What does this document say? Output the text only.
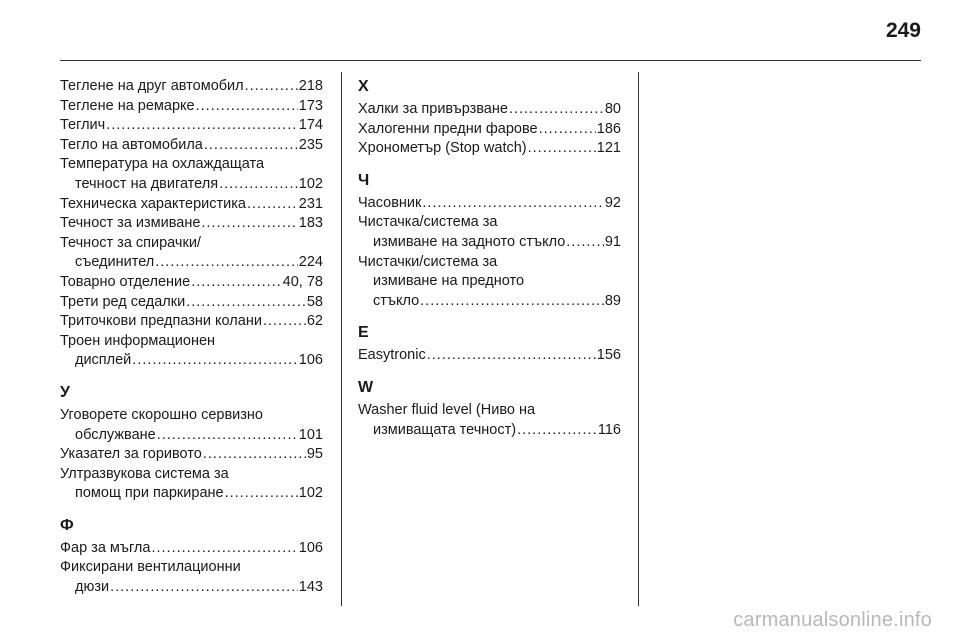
249
Теглене на друг автомобил .....	218
Теглене на ремарке .....	173
Теглич .....	174
Тегло на автомобила .....	235
Температура на охлаждащата
течност на двигателя .....	102
Техническа характеристика .....	231
Течност за измиване .....	183
Течност за спирачки/
съединител .....	224
Товарно отделение .....	40, 78
Трети ред седалки .....	58
Триточкови предпазни колани .....	62
Троен информационен
дисплей .....	106
У
Уговорете скорошно сервизно
обслужване .....	101
Указател за горивото .....	95
Ултразвукова система за
помощ при паркиране .....	102
Ф
Фар за мъгла .....	106
Фиксирани вентилационни
дюзи .....	143
Х
Халки за привързване .....	80
Халогенни предни фарове .....	186
Хронометър (Stop watch) .....	121
Ч
Часовник .....	92
Чистачка/система за
измиване на задното стъкло .....	91
Чистачки/система за
измиване на предното
стъкло .....	89
E
Easytronic .....	156
W
Washer fluid level (Ниво на
измиващата течност) .....	116
carmanualsonline.info
